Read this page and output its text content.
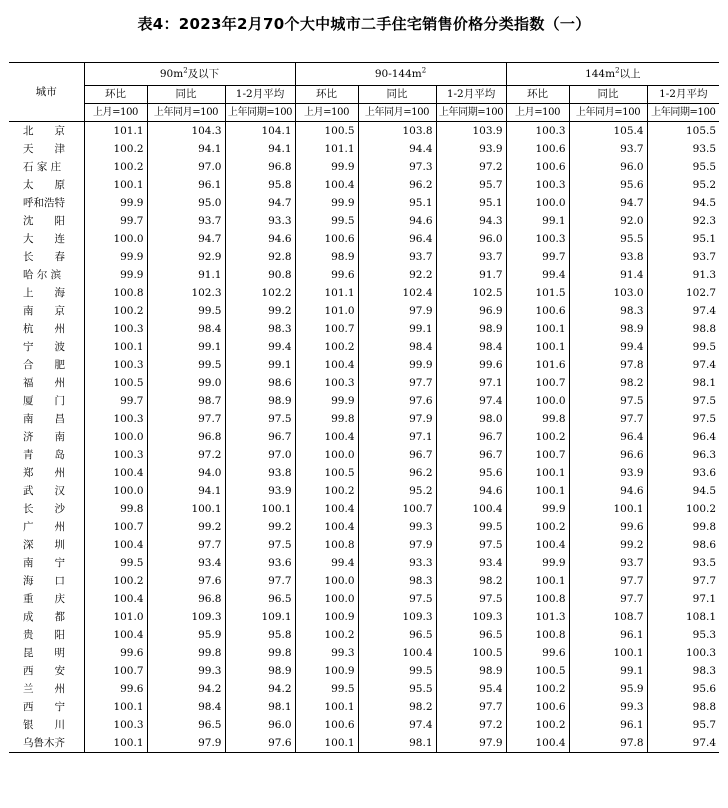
表4：2023年2月70个大中城市二手住宅销售价格分类指数（一）
城市	$90m^2$及以下			$90-144m^2$			$144m^2$以上		
	环比	同比	1-2月平均	环比	同比	1-2月平均	环比	同比	1-2月平均
	上月=100	上年同月=100	上年同期=100	上月=100	上年同月=100	上年同期=100	上月=100	上年同月=100	上年同期=100
北　　京	101.1	104.3	104.1	100.5	103.8	103.9	100.3	105.4	105.5
天　　津	100.2	94.1	94.1	101.1	94.4	93.9	100.6	93.7	93.5
石 家 庄	100.2	97.0	96.8	99.9	97.3	97.2	100.6	96.0	95.5
太　　原	100.1	96.1	95.8	100.4	96.2	95.7	100.3	95.6	95.2
呼和浩特	99.9	95.0	94.7	99.9	95.1	95.1	100.0	94.7	94.5
沈　　阳	99.7	93.7	93.3	99.5	94.6	94.3	99.1	92.0	92.3
大　　连	100.0	94.7	94.6	100.6	96.4	96.0	100.3	95.5	95.1
长　　春	99.9	92.9	92.8	98.9	93.7	93.7	99.7	93.8	93.7
哈 尔 滨	99.9	91.1	90.8	99.6	92.2	91.7	99.4	91.4	91.3
上　　海	100.8	102.3	102.2	101.1	102.4	102.5	101.5	103.0	102.7
南　　京	100.2	99.5	99.2	101.0	97.9	96.9	100.6	98.3	97.4
杭　　州	100.3	98.4	98.3	100.7	99.1	98.9	100.1	98.9	98.8
宁　　波	100.1	99.1	99.4	100.2	98.4	98.4	100.1	99.4	99.5
合　　肥	100.3	99.5	99.1	100.4	99.9	99.6	101.6	97.8	97.4
福　　州	100.5	99.0	98.6	100.3	97.7	97.1	100.7	98.2	98.1
厦　　门	99.7	98.7	98.9	99.9	97.6	97.4	100.0	97.5	97.5
南　　昌	100.3	97.7	97.5	99.8	97.9	98.0	99.8	97.7	97.5
济　　南	100.0	96.8	96.7	100.4	97.1	96.7	100.2	96.4	96.4
青　　岛	100.3	97.2	97.0	100.0	96.7	96.7	100.7	96.6	96.3
郑　　州	100.4	94.0	93.8	100.5	96.2	95.6	100.1	93.9	93.6
武　　汉	100.0	94.1	93.9	100.2	95.2	94.6	100.1	94.6	94.5
长　　沙	99.8	100.1	100.1	100.4	100.7	100.4	99.9	100.1	100.2
广　　州	100.7	99.2	99.2	100.4	99.3	99.5	100.2	99.6	99.8
深　　圳	100.4	97.7	97.5	100.8	97.9	97.5	100.4	99.2	98.6
南　　宁	99.5	93.4	93.6	99.4	93.3	93.4	99.9	93.7	93.5
海　　口	100.2	97.6	97.7	100.0	98.3	98.2	100.1	97.7	97.7
重　　庆	100.4	96.8	96.5	100.0	97.5	97.5	100.8	97.7	97.1
成　　都	101.0	109.3	109.1	100.9	109.3	109.3	101.3	108.7	108.1
贵　　阳	100.4	95.9	95.8	100.2	96.5	96.5	100.8	96.1	95.3
昆　　明	99.6	99.8	99.8	99.3	100.4	100.5	99.6	100.1	100.3
西　　安	100.7	99.3	98.9	100.9	99.5	98.9	100.5	99.1	98.3
兰　　州	99.6	94.2	94.2	99.5	95.5	95.4	100.2	95.9	95.6
西　　宁	100.1	98.4	98.1	100.1	98.2	97.7	100.6	99.3	98.8
银　　川	100.3	96.5	96.0	100.6	97.4	97.2	100.2	96.1	95.7
乌鲁木齐	100.1	97.9	97.6	100.1	98.1	97.9	100.4	97.8	97.4
